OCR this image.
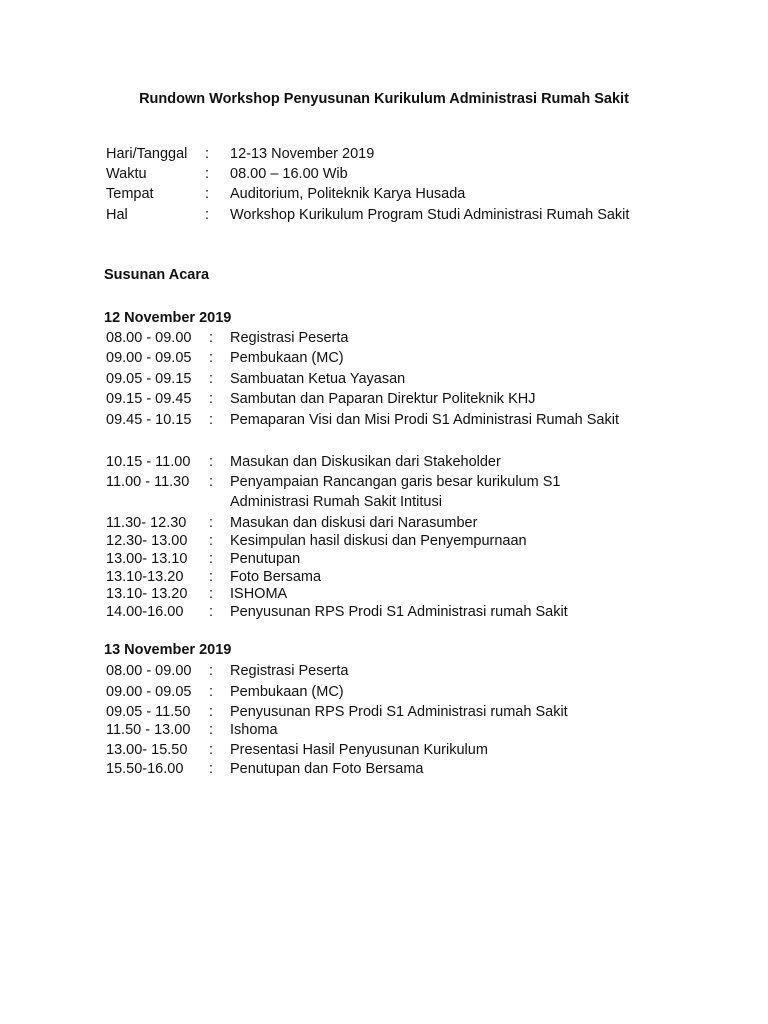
Rundown Workshop Penyusunan Kurikulum Administrasi Rumah Sakit
Hari/Tanggal : 12-13 November 2019
Waktu	: 08.00 – 16.00 Wib
Tempat	: Auditorium, Politeknik Karya Husada
Hal	: Workshop Kurikulum Program Studi Administrasi Rumah Sakit
Susunan Acara
12 November 2019
08.00 - 09.00 : Registrasi Peserta
09.00 - 09.05 : Pembukaan (MC)
09.05 - 09.15 : Sambuatan Ketua Yayasan
09.15 - 09.45 : Sambutan dan Paparan Direktur Politeknik KHJ
09.45 - 10.15 : Pemaparan Visi dan Misi Prodi S1 Administrasi Rumah Sakit
10.15 - 11.00 : Masukan dan Diskusikan dari Stakeholder
11.00 - 11.30 : Penyampaian Rancangan garis besar kurikulum S1 Administrasi Rumah Sakit Intitusi
11.30- 12.30 : Masukan dan diskusi dari Narasumber
12.30- 13.00 : Kesimpulan hasil diskusi dan Penyempurnaan
13.00- 13.10 : Penutupan
13.10-13.20 : Foto Bersama
13.10- 13.20 : ISHOMA
14.00-16.00 : Penyusunan RPS Prodi S1 Administrasi rumah Sakit
13 November 2019
08.00 - 09.00 : Registrasi Peserta
09.00 - 09.05 : Pembukaan (MC)
09.05 - 11.50 : Penyusunan RPS Prodi S1 Administrasi rumah Sakit
11.50 - 13.00 : Ishoma
13.00- 15.50 : Presentasi Hasil Penyusunan Kurikulum
15.50-16.00 : Penutupan dan Foto Bersama
